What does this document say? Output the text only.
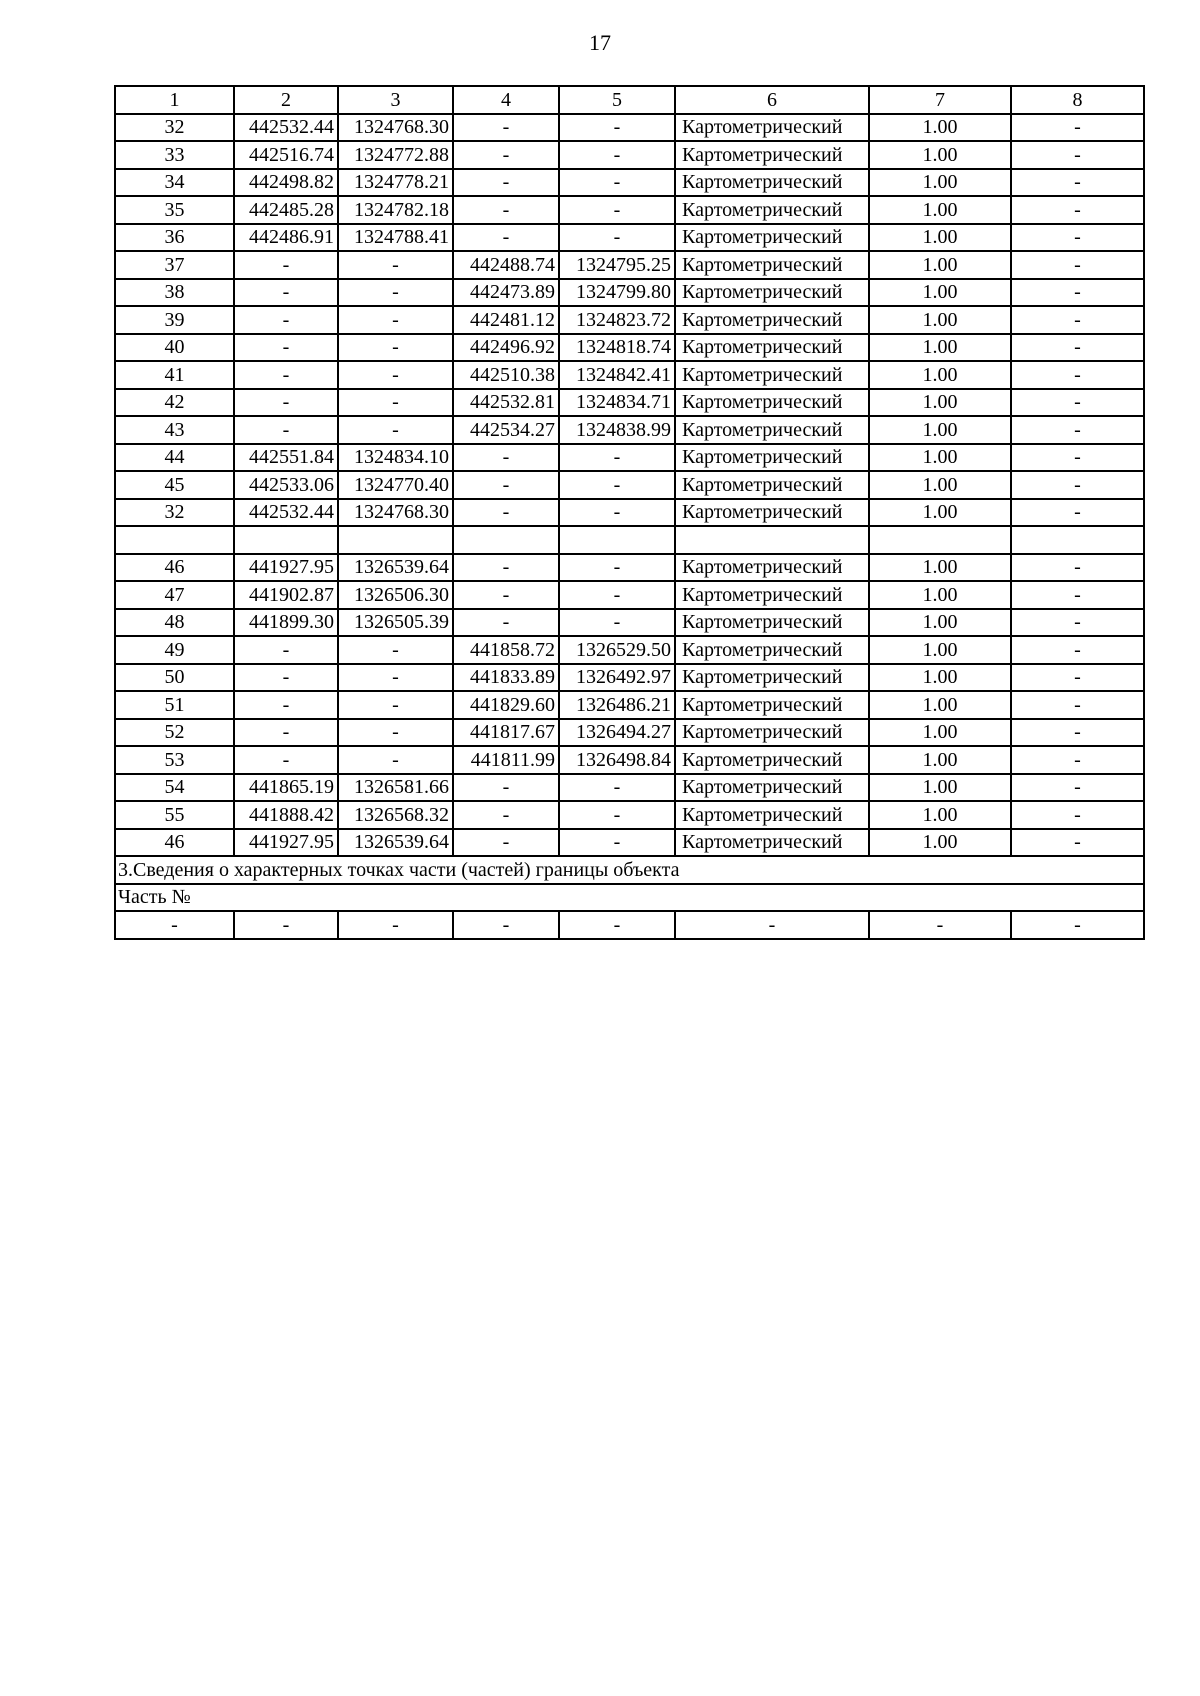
17
1	2	3	4	5	6	7	8
32	442532.44	1324768.30	-	-	Картометрический	1.00	-
33	442516.74	1324772.88	-	-	Картометрический	1.00	-
34	442498.82	1324778.21	-	-	Картометрический	1.00	-
35	442485.28	1324782.18	-	-	Картометрический	1.00	-
36	442486.91	1324788.41	-	-	Картометрический	1.00	-
37	-	-	442488.74	1324795.25	Картометрический	1.00	-
38	-	-	442473.89	1324799.80	Картометрический	1.00	-
39	-	-	442481.12	1324823.72	Картометрический	1.00	-
40	-	-	442496.92	1324818.74	Картометрический	1.00	-
41	-	-	442510.38	1324842.41	Картометрический	1.00	-
42	-	-	442532.81	1324834.71	Картометрический	1.00	-
43	-	-	442534.27	1324838.99	Картометрический	1.00	-
44	442551.84	1324834.10	-	-	Картометрический	1.00	-
45	442533.06	1324770.40	-	-	Картометрический	1.00	-
32	442532.44	1324768.30	-	-	Картометрический	1.00	-

46	441927.95	1326539.64	-	-	Картометрический	1.00	-
47	441902.87	1326506.30	-	-	Картометрический	1.00	-
48	441899.30	1326505.39	-	-	Картометрический	1.00	-
49	-	-	441858.72	1326529.50	Картометрический	1.00	-
50	-	-	441833.89	1326492.97	Картометрический	1.00	-
51	-	-	441829.60	1326486.21	Картометрический	1.00	-
52	-	-	441817.67	1326494.27	Картометрический	1.00	-
53	-	-	441811.99	1326498.84	Картометрический	1.00	-
54	441865.19	1326581.66	-	-	Картометрический	1.00	-
55	441888.42	1326568.32	-	-	Картометрический	1.00	-
46	441927.95	1326539.64	-	-	Картометрический	1.00	-
3.Сведения о характерных точках части (частей) границы объекта							
Часть №							
-	-	-	-	-	-	-	-
